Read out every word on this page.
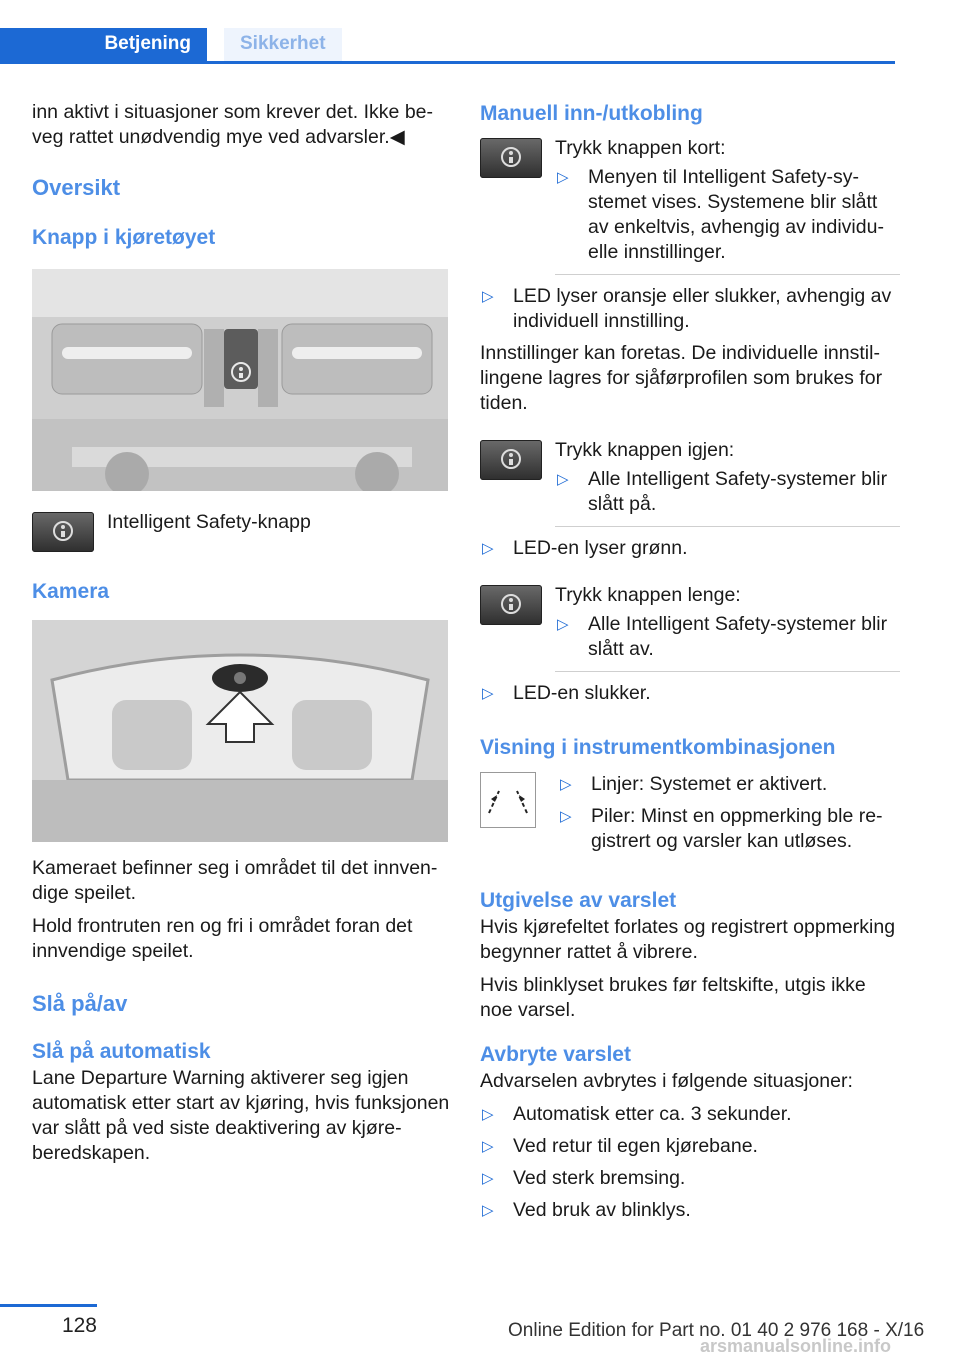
Betjening	Sikkerhet

inn aktivt i situasjoner som krever det. Ikke beveg rattet unødvendig mye ved advarsler.◀

Oversikt
Knapp i kjøretøyet
Intelligent Safety-knapp
Kamera

Kameraet befinner seg i området til det innvendige speilet.

Hold frontruten ren og fri i området foran det innvendige speilet.

Slå på/av
Slå på automatisk

Lane Departure Warning aktiverer seg igjen automatisk etter start av kjøring, hvis funksjonen var slått på ved siste deaktivering av kjøreberedskapen.

Manuell inn-/utkobling

Trykk knappen kort:

▷ Menyen til Intelligent Safety-systemet vises. Systemene blir slått av enkeltvis, avhengig av individuelle innstillinger.
▷ LED lyser oransje eller slukker, avhengig av individuell innstilling.

Innstillinger kan foretas. De individuelle innstillingene lagres for sjåførprofilen som brukes for tiden.

Trykk knappen igjen:

▷ Alle Intelligent Safety-systemer blir slått på.
▷ LED-en lyser grønn.

Trykk knappen lenge:

▷ Alle Intelligent Safety-systemer blir slått av.
▷ LED-en slukker.
Visning i instrumentkombinasjonen
▷ Linjer: Systemet er aktivert.
▷ Piler: Minst en oppmerking ble registrert og varsler kan utløses.
Utgivelse av varslet

Hvis kjørefeltet forlates og registrert oppmerking begynner rattet å vibrere.

Hvis blinklyset brukes før feltskifte, utgis ikke noe varsel.

Avbryte varslet

Advarselen avbrytes i følgende situasjoner:

▷ Automatisk etter ca. 3 sekunder.
▷ Ved retur til egen kjørebane.
▷ Ved sterk bremsing.
▷ Ved bruk av blinklys.
128	Online Edition for Part no. 01 40 2 976 168 - X/16
arsmanualsonline.info
